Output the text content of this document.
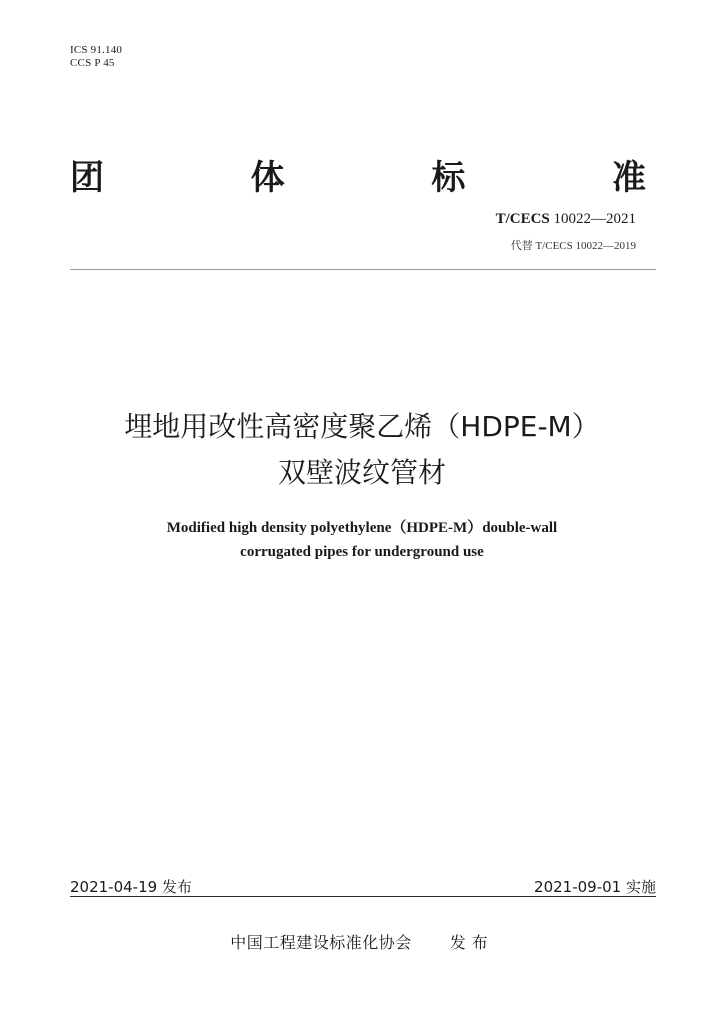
ICS 91.140
CCS P 45
团	体	标	准
T/CECS 10022—2021
代替 T/CECS 10022—2019
埋地用改性高密度聚乙烯（HDPE-M）
双壁波纹管材
Modified high density polyethylene（HDPE-M）double-wall
corrugated pipes for underground use
2021-04-19 发布	2021-09-01 实施
中国工程建设标准化协会 发布
